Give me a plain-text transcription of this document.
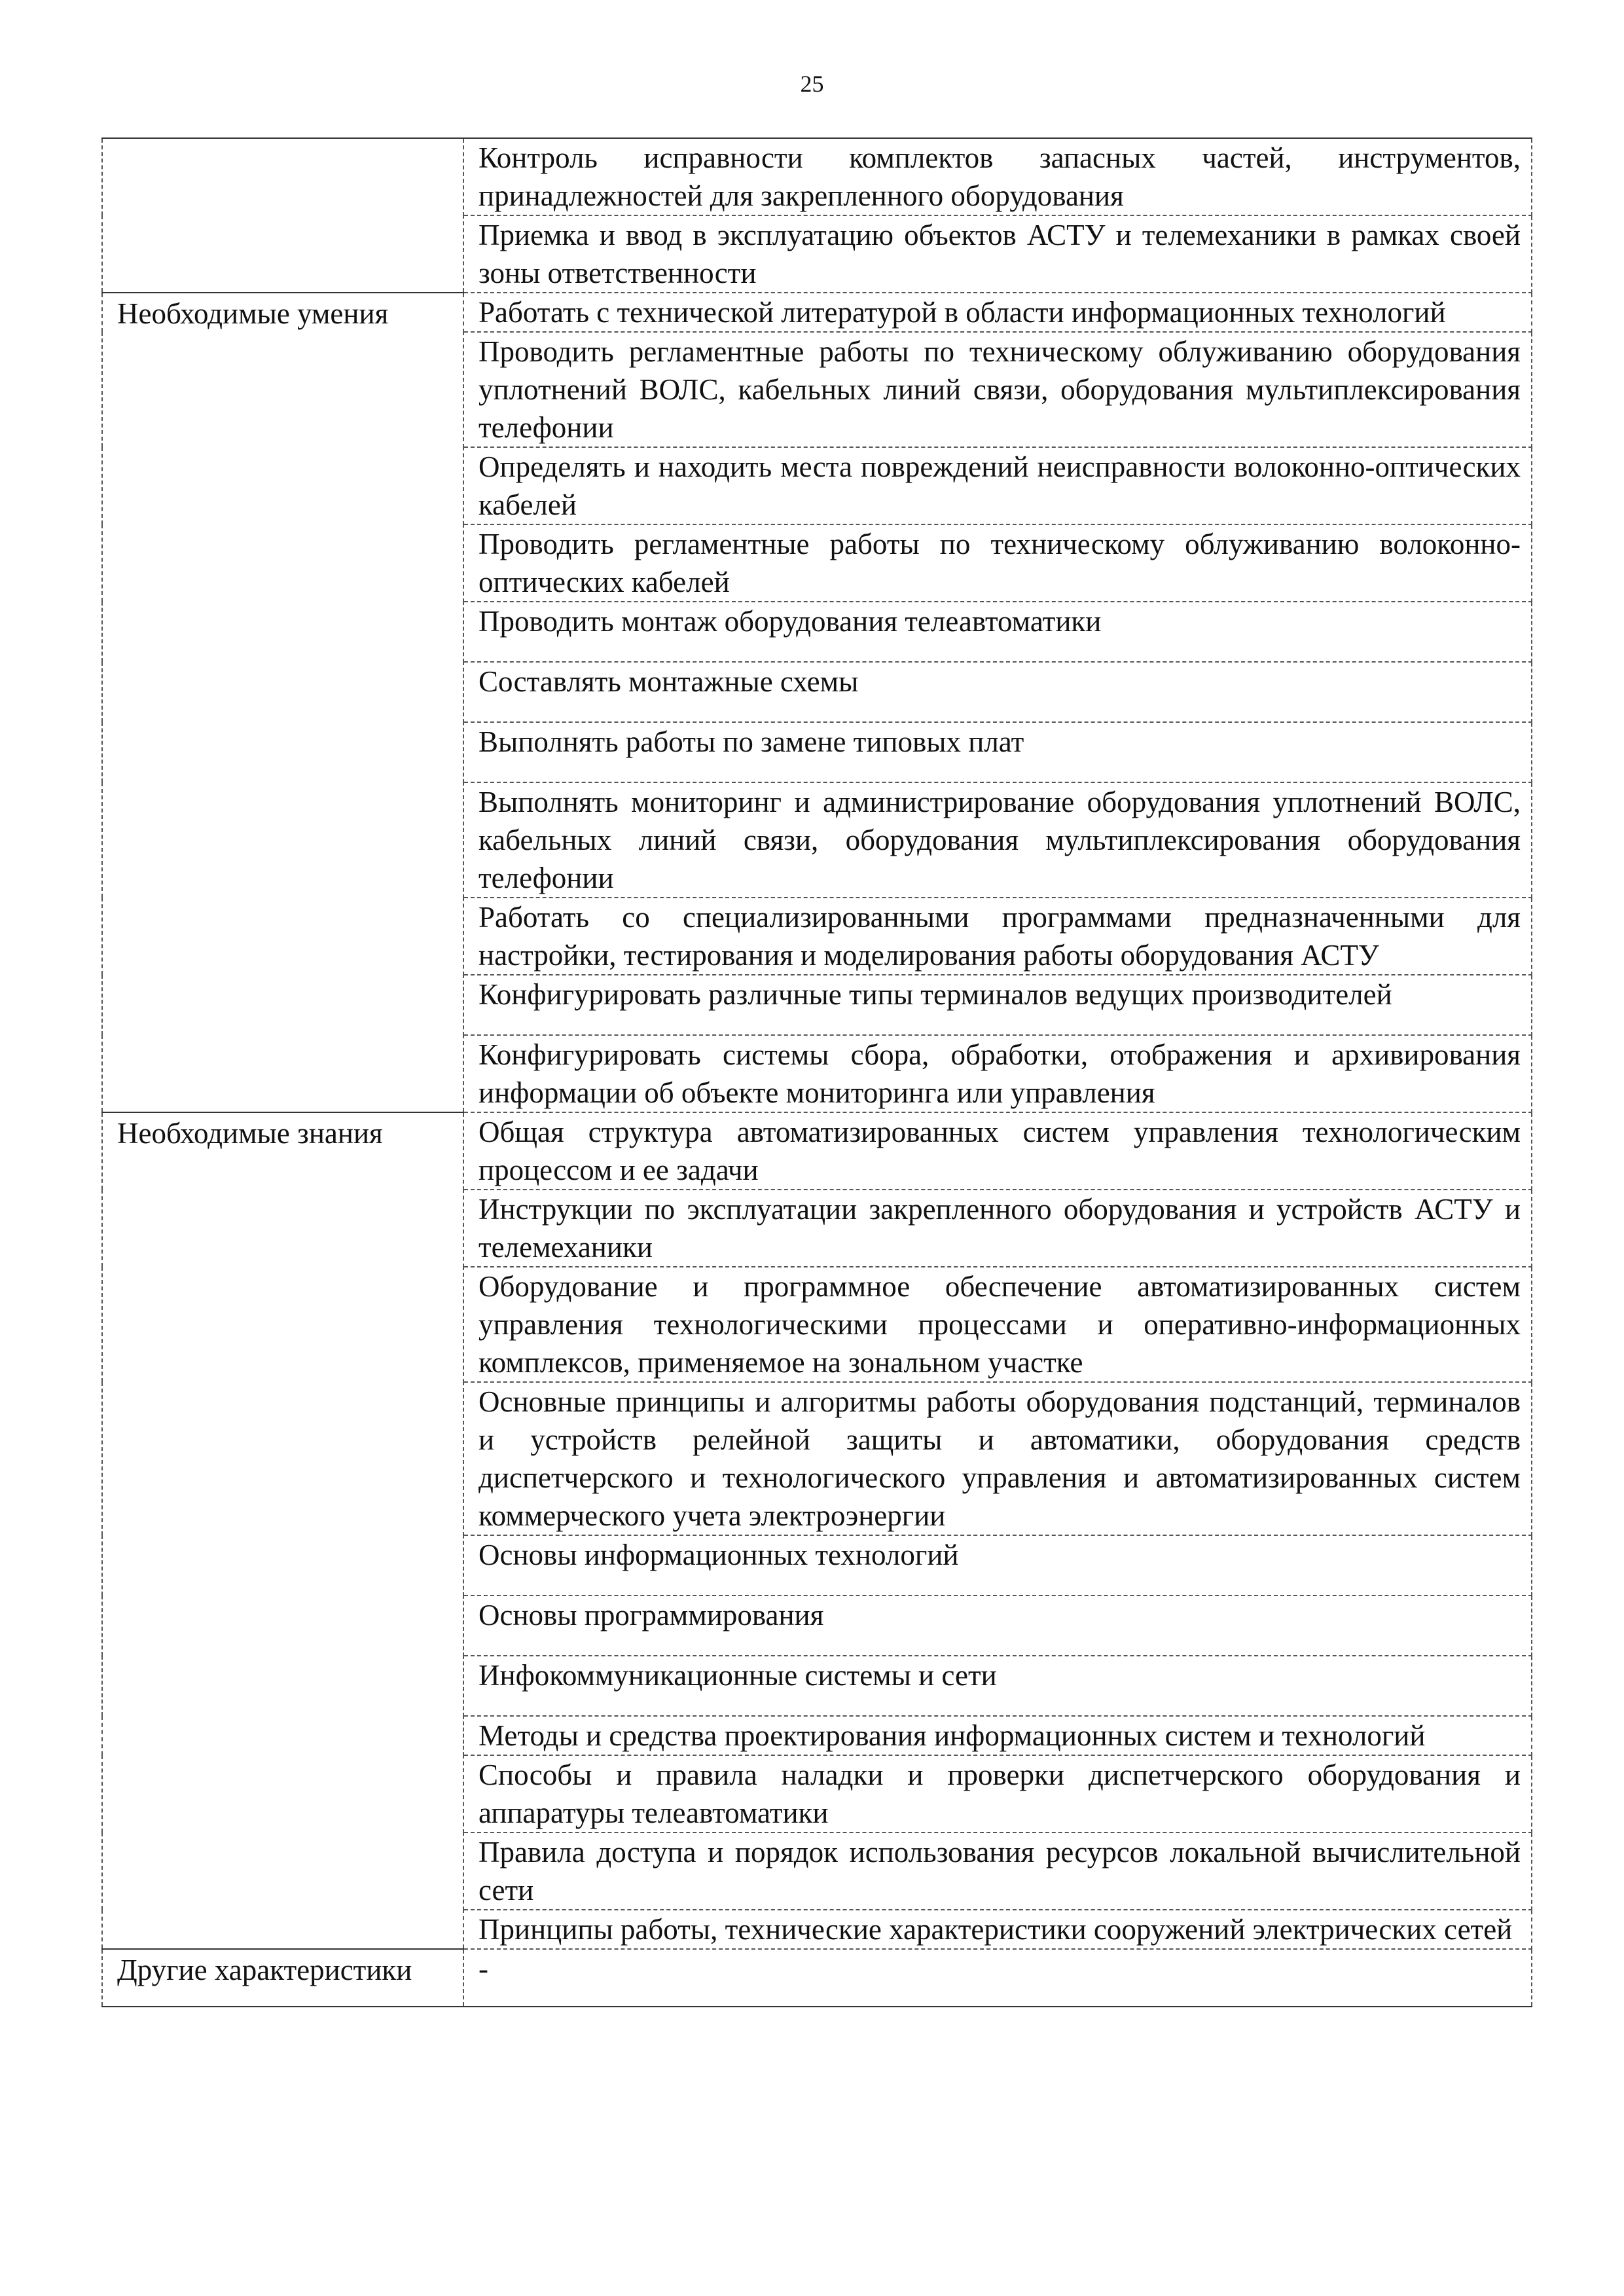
25
	Контроль исправности комплектов запасных частей, инструментов, принадлежностей для закрепленного оборудования
	Приемка и ввод в эксплуатацию объектов АСТУ и телемеханики в рамках своей зоны ответственности
Необходимые умения	Работать с технической литературой в области информационных технологий
	Проводить регламентные работы по техническому облуживанию оборудования уплотнений ВОЛС, кабельных линий связи, оборудования мультиплексирования телефонии
	Определять и находить места повреждений неисправности волоконно-оптических кабелей
	Проводить регламентные работы по техническому облуживанию волоконно-оптических кабелей
	Проводить монтаж оборудования телеавтоматики
	Составлять монтажные схемы
	Выполнять работы по замене типовых плат
	Выполнять мониторинг и администрирование оборудования уплотнений ВОЛС, кабельных линий связи, оборудования мультиплексирования оборудования телефонии
	Работать со специализированными программами предназначенными для настройки, тестирования и моделирования работы оборудования АСТУ
	Конфигурировать различные типы терминалов ведущих производителей
	Конфигурировать системы сбора, обработки, отображения и архивирования информации об объекте мониторинга или управления
Необходимые знания	Общая структура автоматизированных систем управления технологическим процессом и ее задачи
	Инструкции по эксплуатации закрепленного оборудования и устройств АСТУ и телемеханики
	Оборудование и программное обеспечение автоматизированных систем управления технологическими процессами и оперативно-информационных комплексов, применяемое на зональном участке
	Основные принципы и алгоритмы работы оборудования подстанций, терминалов и устройств релейной защиты и автоматики, оборудования средств диспетчерского и технологического управления и автоматизированных систем коммерческого учета электроэнергии
	Основы информационных технологий
	Основы программирования
	Инфокоммуникационные системы и сети
	Методы и средства проектирования информационных систем и технологий
	Способы и правила наладки и проверки диспетчерского оборудования и аппаратуры телеавтоматики
	Правила доступа и порядок использования ресурсов локальной вычислительной сети
	Принципы работы, технические характеристики сооружений электрических сетей
Другие характеристики	-
